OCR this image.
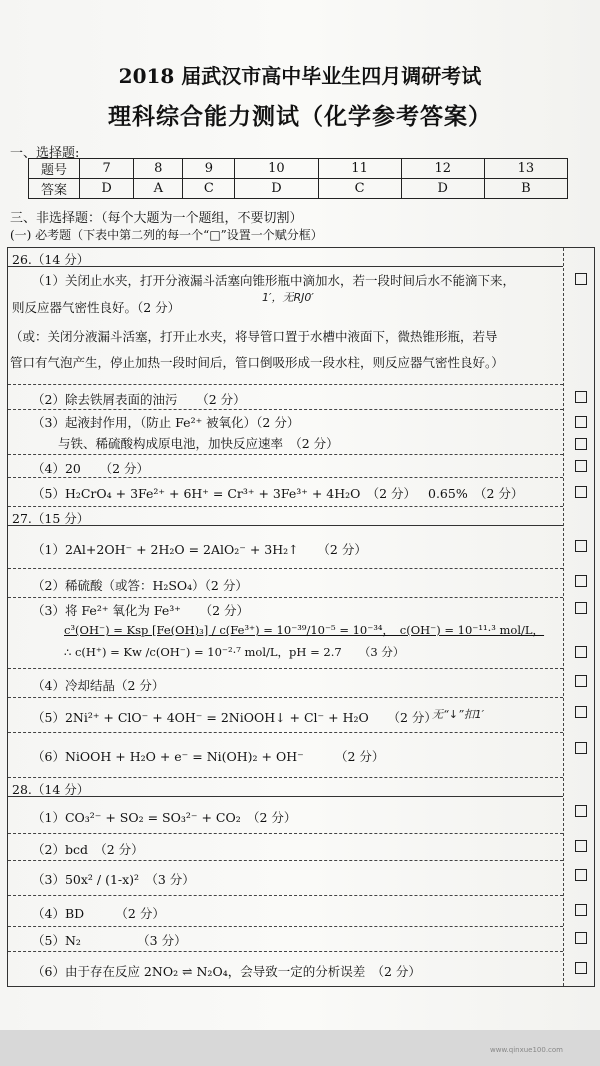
2018 届武汉市高中毕业生四月调研考试
理科综合能力测试（化学参考答案）
一、选择题:
题号	7	8	9	10	11	12	13
答案	D	A	C	D	C	D	B
三、非选择题：（每个大题为一个题组，不要切割）
(一) 必考题（下表中第二列的每一个“□”设置一个赋分框）
26.（14 分）
（1）关闭止水夹，打开分液漏斗活塞向锥形瓶中滴加水，若一段时间后水不能滴下来，
1′，无RJ0′
则反应器气密性良好。（2 分）
（或：关闭分液漏斗活塞，打开止水夹，将导管口置于水槽中液面下，微热锥形瓶，若导
管口有气泡产生，停止加热一段时间后，管口倒吸形成一段水柱，则反应器气密性良好。）
（2）除去铁屑表面的油污　　（2 分）
（3）起液封作用，（防止 Fe²⁺ 被氧化）（2 分）
与铁、稀硫酸构成原电池，加快反应速率　（2 分）
（4）20　　（2 分）
（5）H₂CrO₄ + 3Fe²⁺ + 6H⁺ = Cr³⁺ + 3Fe³⁺ + 4H₂O　（2 分） 0.65%　（2 分）
27.（15 分）
（1）2Al+2OH⁻ + 2H₂O = 2AlO₂⁻ + 3H₂↑　　（2 分）
（2）稀硫酸（或答：H₂SO₄）（2 分）
（3）将 Fe²⁺ 氧化为 Fe³⁺　　（2 分）
c³(OH⁻) = Ksp [Fe(OH)₃] / c(Fe³⁺) = 10⁻³⁹/10⁻⁵ = 10⁻³⁴，　c(OH⁻) = 10⁻¹¹·³ mol/L，
∴ c(H⁺) = Kw /c(OH⁻) = 10⁻²·⁷ mol/L，pH = 2.7　　（3 分）
（4）冷却结晶（2 分）
（5）2Ni²⁺ + ClO⁻ + 4OH⁻ = 2NiOOH↓ + Cl⁻ + H₂O　　（2 分）
无“↓”扣1′
（6）NiOOH + H₂O + e⁻ = Ni(OH)₂ + OH⁻　　　（2 分）
28.（14 分）
（1）CO₃²⁻ + SO₂ = SO₃²⁻ + CO₂　（2 分）
（2）bcd　（2 分）
（3）50x² / (1-x)²　（3 分）
（4）BD　　　（2 分）
（5）N₂　　　　　（3 分）
（6）由于存在反应 2NO₂ ⇌ N₂O₄，会导致一定的分析误差　（2 分）
www.qinxue100.com
